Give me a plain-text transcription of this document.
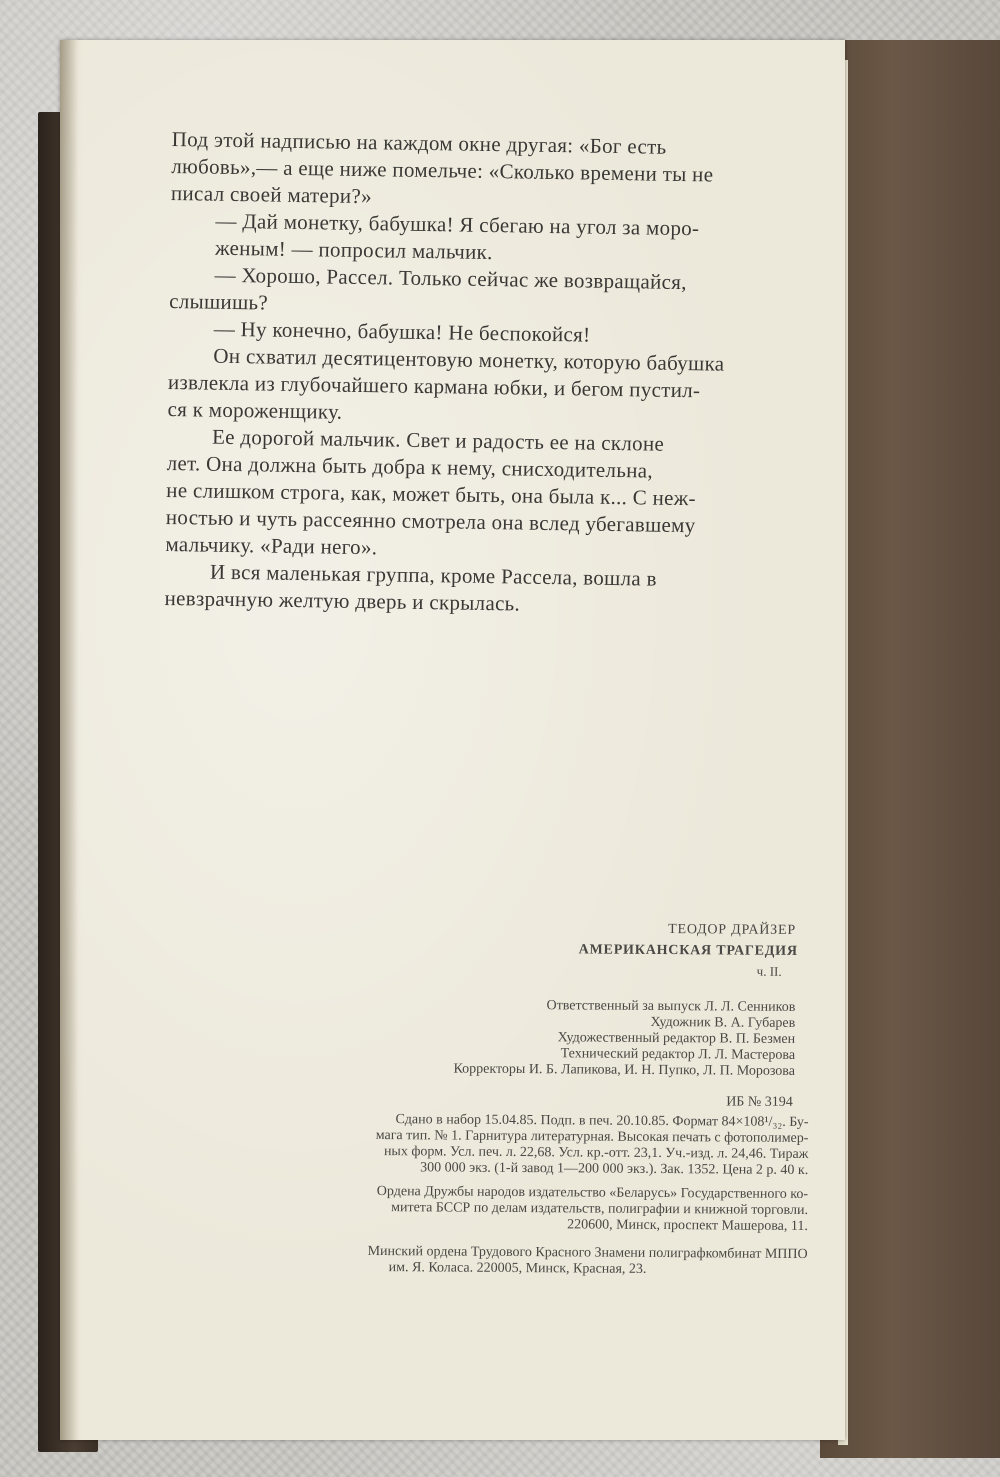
Под этой надписью на каждом окне другая: «Бог есть
любовь»,— а еще ниже помельче: «Сколько времени ты не
писал своей матери?»

— Дай монетку, бабушка! Я сбегаю на угол за моро-
женым! — попросил мальчик.

— Хорошо, Рассел. Только сейчас же возвращайся,
слышишь?

— Ну конечно, бабушка! Не беспокойся!

Он схватил десятицентовую монетку, которую бабушка
извлекла из глубочайшего кармана юбки, и бегом пустил-
ся к мороженщику.

Ее дорогой мальчик. Свет и радость ее на склоне
лет. Она должна быть добра к нему, снисходительна,
не слишком строга, как, может быть, она была к... С неж-
ностью и чуть рассеянно смотрела она вслед убегавшему
мальчику. «Ради него».

И вся маленькая группа, кроме Рассела, вошла в
невзрачную желтую дверь и скрылась.

ТЕОДОР ДРАЙЗЕР
АМЕРИКАНСКАЯ ТРАГЕДИЯ
ч. II.
Ответственный за выпуск Л. Л. Сенников
Художник В. А. Губарев
Художественный редактор В. П. Безмен
Технический редактор Л. Л. Мастерова
Корректоры И. Б. Лапикова, И. Н. Пупко, Л. П. Морозова
ИБ № 3194
Сдано в набор 15.04.85. Подп. в печ. 20.10.85. Формат 84×108¹/₃₂. Бу-
мага тип. № 1. Гарнитура литературная. Высокая печать с фотополимер-
ных форм. Усл. печ. л. 22,68. Усл. кр.-отт. 23,1. Уч.-изд. л. 24,46. Тираж
300 000 экз. (1-й завод 1—200 000 экз.). Зак. 1352. Цена 2 р. 40 к.
Ордена Дружбы народов издательство «Беларусь» Государственного ко-
митета БССР по делам издательств, полиграфии и книжной торговли.
220600, Минск, проспект Машерова, 11.
Минский ордена Трудового Красного Знамени полиграфкомбинат МППО
им. Я. Коласа. 220005, Минск, Красная, 23.
